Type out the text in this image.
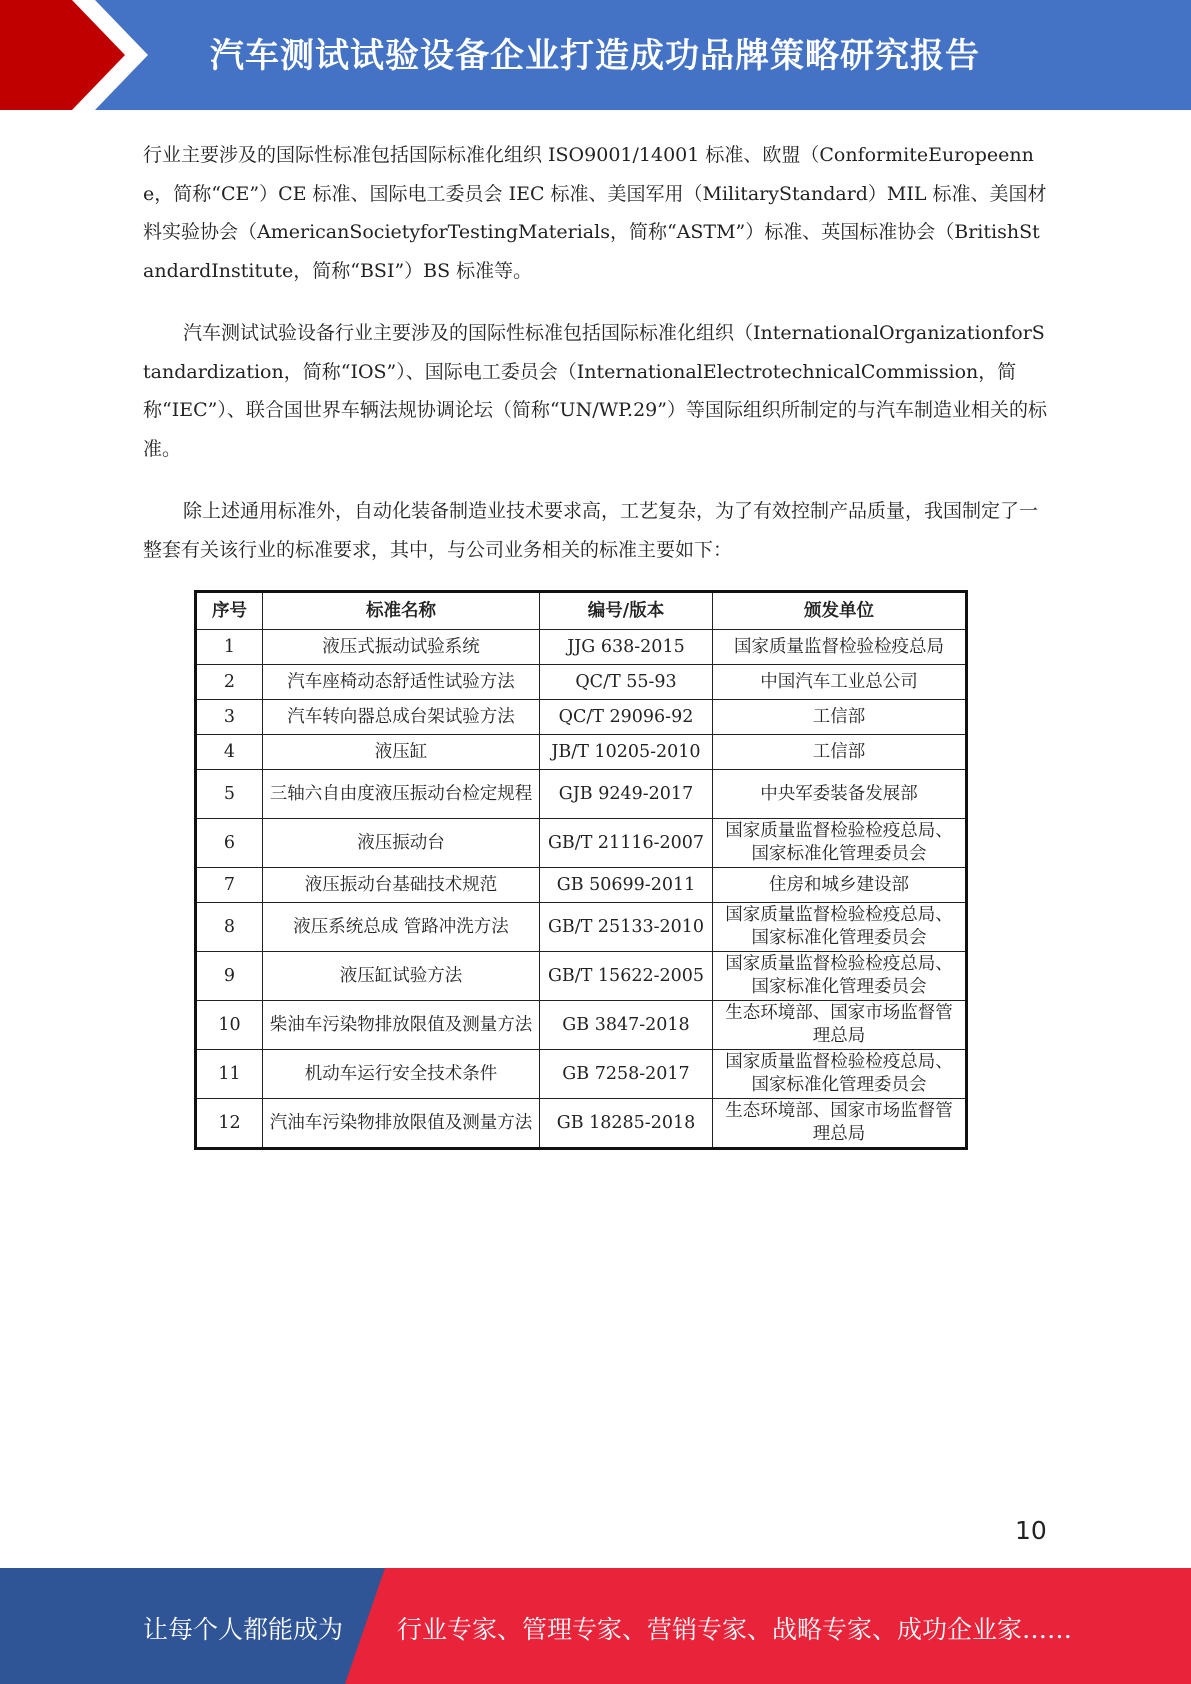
汽车测试试验设备企业打造成功品牌策略研究报告

行业主要涉及的国际性标准包括国际标准化组织 ISO9001/14001 标准、欧盟（ConformiteEuropeenne，简称“CE”）CE 标准、国际电工委员会 IEC 标准、美国军用（MilitaryStandard）MIL 标准、美国材料实验协会（AmericanSocietyforTestingMaterials，简称“ASTM”）标准、英国标准协会（BritishStandardInstitute，简称“BSI”）BS 标准等。

汽车测试试验设备行业主要涉及的国际性标准包括国际标准化组织（InternationalOrganizationforStandardization，简称“IOS”）、国际电工委员会（InternationalElectrotechnicalCommission，简称“IEC”）、联合国世界车辆法规协调论坛（简称“UN/WP.29”）等国际组织所制定的与汽车制造业相关的标准。

除上述通用标准外，自动化装备制造业技术要求高，工艺复杂，为了有效控制产品质量，我国制定了一整套有关该行业的标准要求，其中，与公司业务相关的标准主要如下：

序号	标准名称	编号/版本	颁发单位
1	液压式振动试验系统	JJG 638-2015	国家质量监督检验检疫总局
2	汽车座椅动态舒适性试验方法	QC/T 55-93	中国汽车工业总公司
3	汽车转向器总成台架试验方法	QC/T 29096-92	工信部
4	液压缸	JB/T 10205-2010	工信部
5	三轴六自由度液压振动台检定规程	GJB 9249-2017	中央军委装备发展部
6	液压振动台	GB/T 21116-2007	国家质量监督检验检疫总局、国家标准化管理委员会
7	液压振动台基础技术规范	GB 50699-2011	住房和城乡建设部
8	液压系统总成 管路冲洗方法	GB/T 25133-2010	国家质量监督检验检疫总局、国家标准化管理委员会
9	液压缸试验方法	GB/T 15622-2005	国家质量监督检验检疫总局、国家标准化管理委员会
10	柴油车污染物排放限值及测量方法	GB 3847-2018	生态环境部、国家市场监督管理总局
11	机动车运行安全技术条件	GB 7258-2017	国家质量监督检验检疫总局、国家标准化管理委员会
12	汽油车污染物排放限值及测量方法	GB 18285-2018	生态环境部、国家市场监督管理总局
10
让每个人都能成为 行业专家、管理专家、营销专家、战略专家、成功企业家……
